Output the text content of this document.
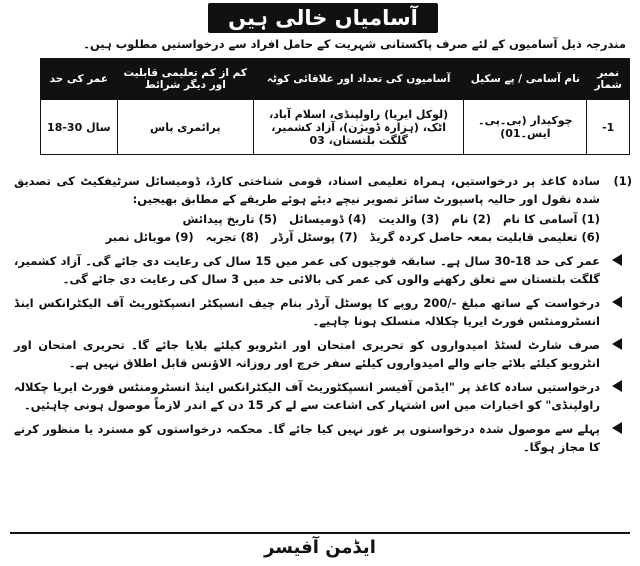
آسامیاں خالی ہیں
مندرجہ ذیل آسامیوں کے لئے صرف پاکستانی شہریت کے حامل افراد سے درخواستیں مطلوب ہیں۔
نمبر شمار	نام آسامی / پے سکیل	آسامیوں کی تعداد اور علاقائی کوٹہ	کم از کم تعلیمی قابلیت اور دیگر شرائط	عمر کی حد
1-	چوکیدار (بی۔پی۔ایس۔01)	(لوکل ایریا) راولپنڈی، اسلام آباد، اٹک، (ہزارہ ڈویژن)، آزاد کشمیر، گلگت بلتستان، 03	پرائمری پاس	18-30 سال
(1)
سادہ کاغذ پر درخواستیں، ہمراہ تعلیمی اسناد، قومی شناختی کارڈ، ڈومیسائل سرٹیفکیٹ کی تصدیق شدہ نقول اور حالیہ پاسپورٹ سائز تصویر نیچے دیئے ہوئے طریقے کے مطابق بھیجیں:
(1) آسامی کا نام
(2) نام
(3) والدیت
(4) ڈومیسائل
(5) تاریخ پیدائش
(6) تعلیمی قابلیت بمعہ حاصل کردہ گریڈ
(7) پوسٹل آرڈر
(8) تجربہ
(9) موبائل نمبر
عمر کی حد 18-30 سال ہے۔ سابقہ فوجیوں کی عمر میں 15 سال کی رعایت دی جائے گی۔ آزاد کشمیر، گلگت بلتستان سے تعلق رکھنے والوں کی عمر کی بالائی حد میں 3 سال کی رعایت دی جائے گی۔
درخواست کے ساتھ مبلغ -/200 روپے کا پوسٹل آرڈر بنام چیف انسپکٹر انسپکٹوریٹ آف الیکٹرانکس اینڈ انسٹرومنٹس فورٹ ایریا چکلالہ منسلک ہونا چاہیے۔
صرف شارٹ لسٹڈ امیدواروں کو تحریری امتحان اور انٹرویو کیلئے بلایا جائے گا۔ تحریری امتحان اور انٹرویو کیلئے بلائے جانے والے امیدواروں کیلئے سفر خرچ اور روزانہ الاؤنس قابل اطلاق نہیں ہے۔
درخواستیں سادہ کاغذ پر "ایڈمن آفیسر انسپکٹوریٹ آف الیکٹرانکس اینڈ انسٹرومنٹس فورٹ ایریا چکلالہ راولپنڈی" کو اخبارات میں اس اشتہار کی اشاعت سے لے کر 15 دن کے اندر لازماً موصول ہونی چاہئیں۔
پہلے سے موصول شدہ درخواستوں پر غور نہیں کیا جائے گا۔ محکمہ درخواستوں کو مسترد یا منظور کرنے کا مجاز ہوگا۔
ایڈمن آفیسر
